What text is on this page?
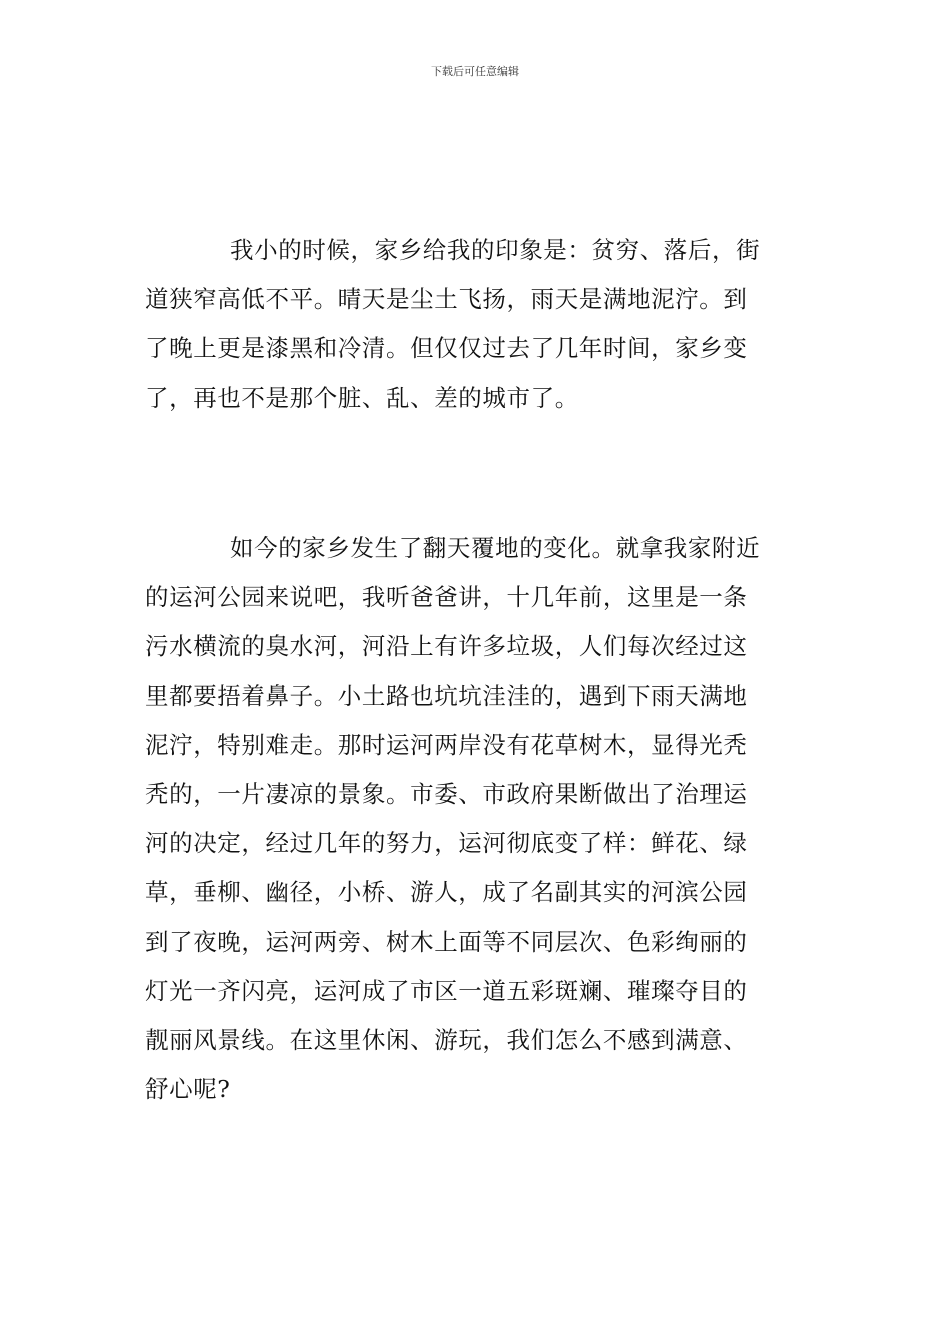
下载后可任意编辑
我小的时候，家乡给我的印象是：贫穷、落后，街
道狭窄高低不平。晴天是尘土飞扬，雨天是满地泥泞。到
了晚上更是漆黑和冷清。但仅仅过去了几年时间，家乡变
了，再也不是那个脏、乱、差的城市了。
如今的家乡发生了翻天覆地的变化。就拿我家附近
的运河公园来说吧，我听爸爸讲，十几年前，这里是一条
污水横流的臭水河，河沿上有许多垃圾，人们每次经过这
里都要捂着鼻子。小土路也坑坑洼洼的，遇到下雨天满地
泥泞，特别难走。那时运河两岸没有花草树木，显得光秃
秃的，一片凄凉的景象。市委、市政府果断做出了治理运
河的决定，经过几年的努力，运河彻底变了样：鲜花、绿
草，垂柳、幽径，小桥、游人，成了名副其实的河滨公园
到了夜晚，运河两旁、树木上面等不同层次、色彩绚丽的
灯光一齐闪亮，运河成了市区一道五彩斑斓、璀璨夺目的
靓丽风景线。在这里休闲、游玩，我们怎么不感到满意、
舒心呢?
